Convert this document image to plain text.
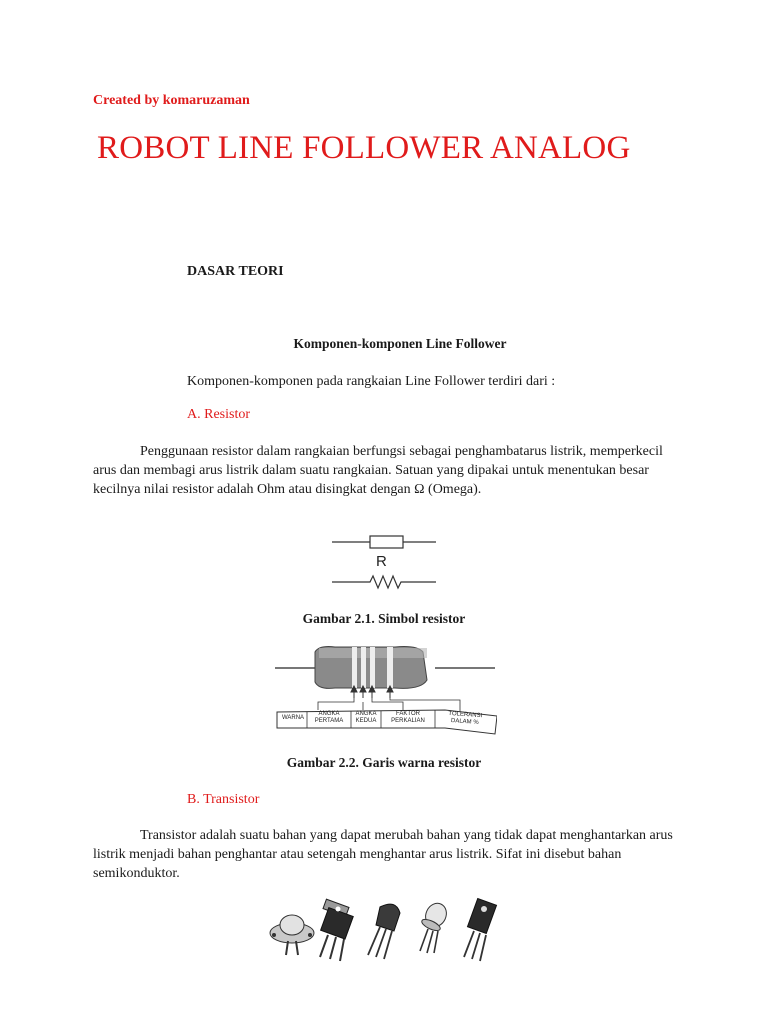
Created by komaruzaman
ROBOT LINE FOLLOWER ANALOG
DASAR TEORI
Komponen-komponen Line Follower
Komponen-komponen pada rangkaian Line Follower terdiri dari :
A. Resistor
Penggunaan resistor dalam rangkaian berfungsi sebagai penghambatarus listrik, memperkecil arus dan membagi arus listrik dalam suatu rangkaian. Satuan yang dipakai untuk menentukan besar kecilnya nilai resistor adalah Ohm atau disingkat dengan Ω (Omega).
R
Gambar 2.1. Simbol resistor
WARNA
ANGKA PERTAMA
ANGKA KEDUA
FAKTOR PERKALIAN
TOLERANSI DALAM %
Gambar 2.2. Garis warna resistor
B. Transistor
Transistor adalah suatu bahan yang dapat merubah bahan yang tidak dapat menghantarkan arus listrik menjadi bahan penghantar atau setengah menghantar arus listrik. Sifat ini disebut bahan semikonduktor.
